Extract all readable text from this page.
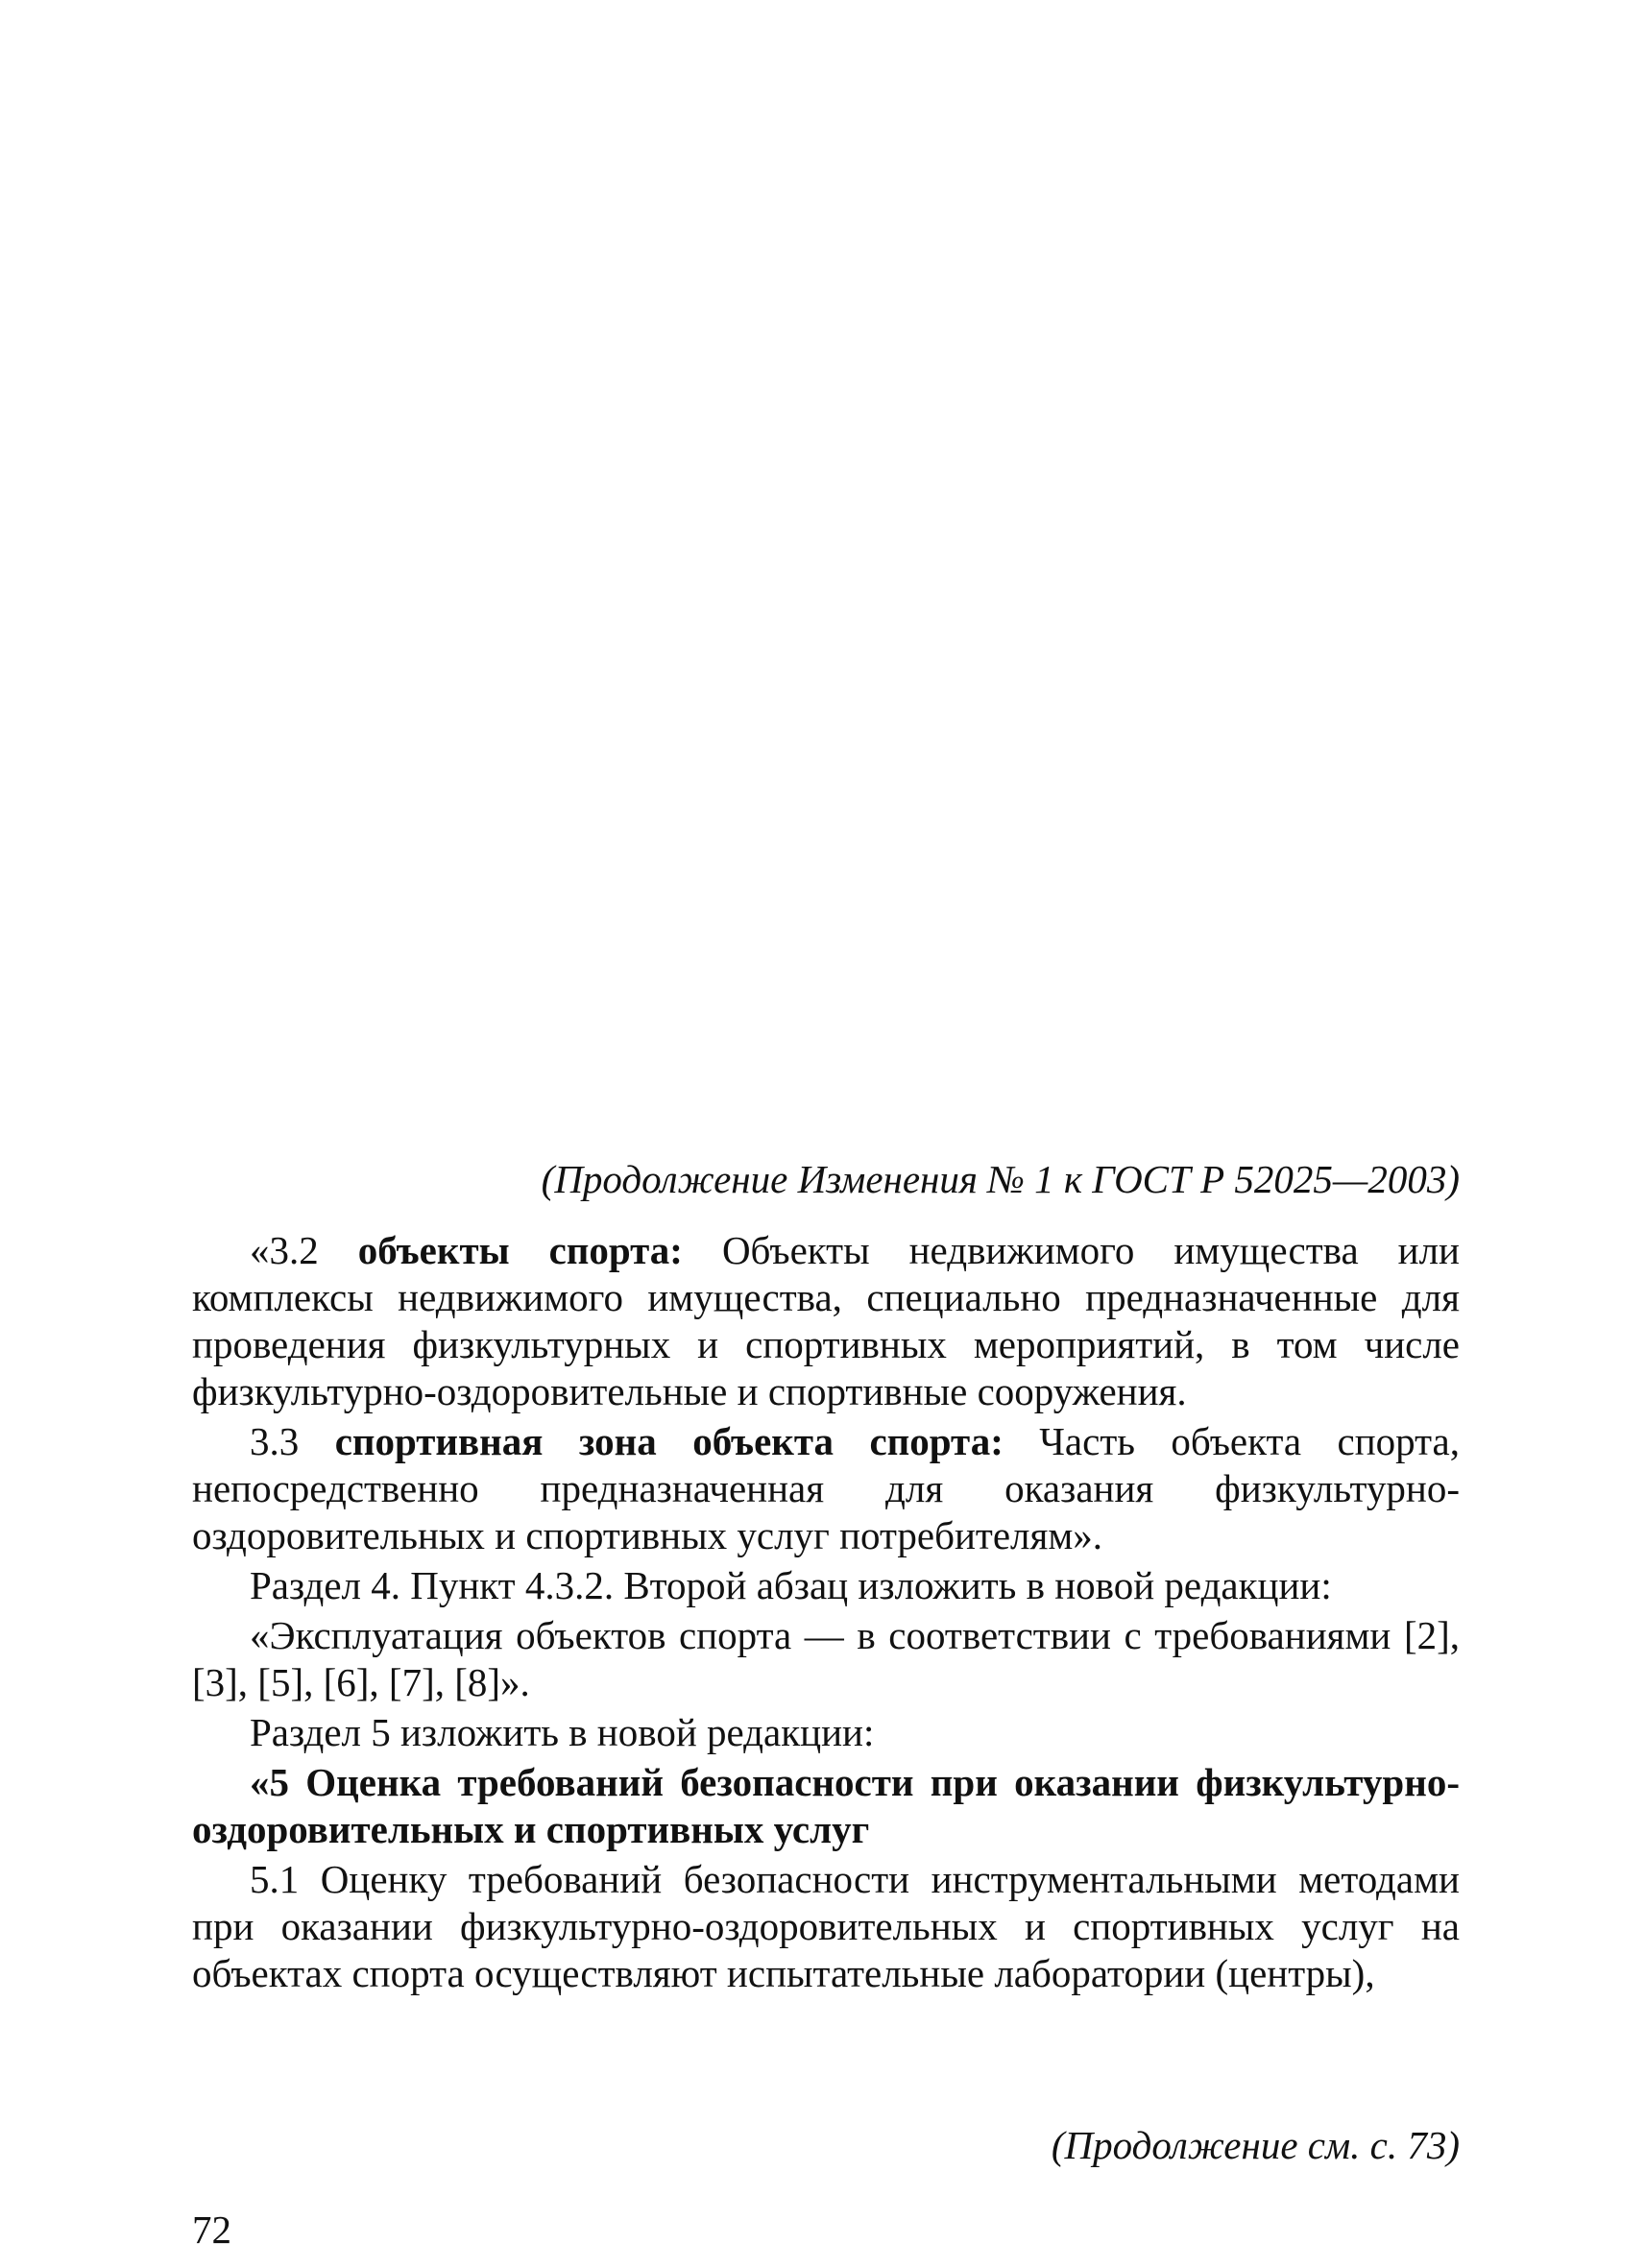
(Продолжение Изменения № 1 к ГОСТ Р 52025—2003)

«3.2 объекты спорта: Объекты недвижимого имущества или комплексы недвижимого имущества, специально предназначенные для проведения физкультурных и спортивных мероприятий, в том числе физкультурно-оздоровительные и спортивные сооружения.

3.3 спортивная зона объекта спорта: Часть объекта спорта, непосредственно предназначенная для оказания физкультурно-оздоровительных и спортивных услуг потребителям».

Раздел 4. Пункт 4.3.2. Второй абзац изложить в новой редакции:

«Эксплуатация объектов спорта — в соответствии с требованиями [2], [3], [5], [6], [7], [8]».

Раздел 5 изложить в новой редакции:

«5 Оценка требований безопасности при оказании физкультурно-оздоровительных и спортивных услуг

5.1 Оценку требований безопасности инструментальными методами при оказании физкультурно-оздоровительных и спортивных услуг на объектах спорта осуществляют испытательные лаборатории (центры),

(Продолжение см. с. 73)
72
